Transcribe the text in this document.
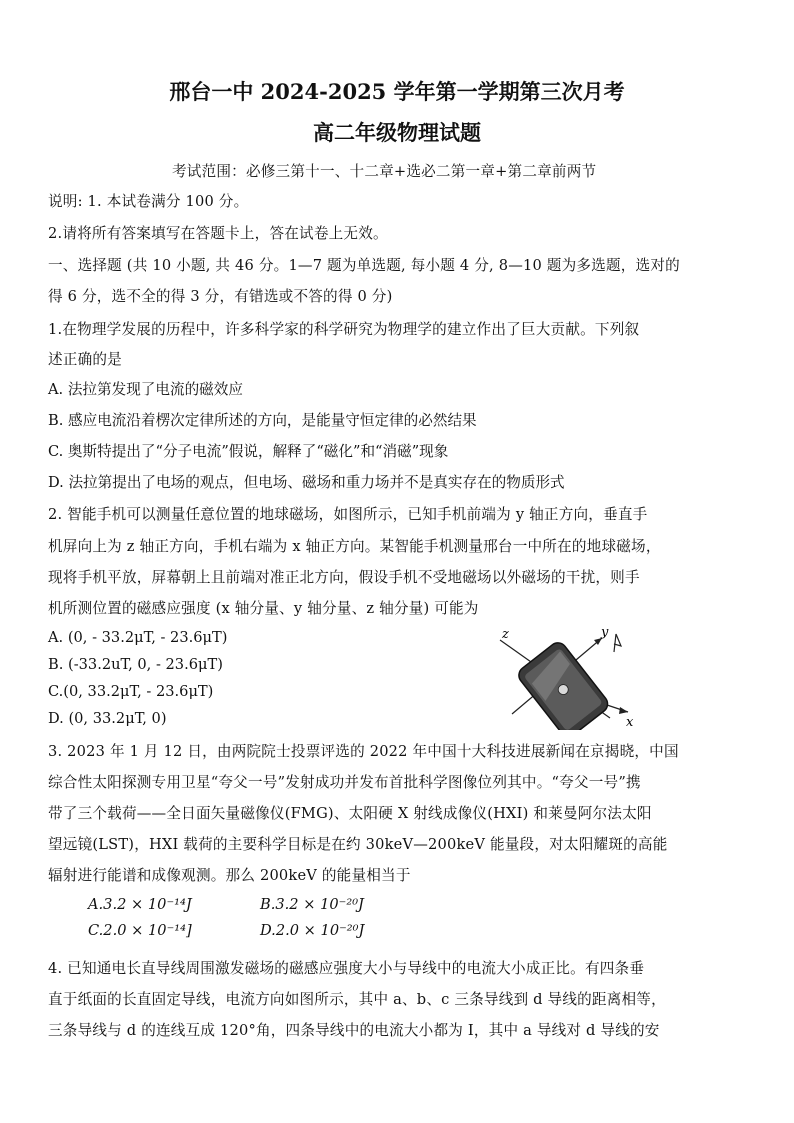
邢台一中 2024-2025 学年第一学期第三次月考
高二年级物理试题
考试范围：必修三第十一、十二章+选必二第一章+第二章前两节
说明: 1. 本试卷满分 100 分。
2.请将所有答案填写在答题卡上，答在试卷上无效。
一、选择题 (共 10 小题, 共 46 分。1—7 题为单选题, 每小题 4 分, 8—10 题为多选题，选对的
得 6 分，选不全的得 3 分，有错选或不答的得 0 分)
1.在物理学发展的历程中，许多科学家的科学研究为物理学的建立作出了巨大贡献。下列叙
述正确的是
A. 法拉第发现了电流的磁效应
B. 感应电流沿着楞次定律所述的方向，是能量守恒定律的必然结果
C. 奥斯特提出了“分子电流”假说，解释了“磁化”和“消磁”现象
D. 法拉第提出了电场的观点，但电场、磁场和重力场并不是真实存在的物质形式
2. 智能手机可以测量任意位置的地球磁场，如图所示，已知手机前端为 y 轴正方向，垂直手
机屏向上为 z 轴正方向，手机右端为 x 轴正方向。某智能手机测量邢台一中所在的地球磁场，
现将手机平放，屏幕朝上且前端对准正北方向，假设手机不受地磁场以外磁场的干扰，则手
机所测位置的磁感应强度 (x 轴分量、y 轴分量、z 轴分量) 可能为
A. (0, - 33.2μT, - 23.6μT)
B. (-33.2uT, 0, - 23.6μT)
C.(0, 33.2μT, - 23.6μT)
D. (0, 33.2μT, 0)
z	y
x
3. 2023 年 1 月 12 日，由两院院士投票评选的 2022 年中国十大科技进展新闻在京揭晓，中国
综合性太阳探测专用卫星“夸父一号”发射成功并发布首批科学图像位列其中。“夸父一号”携
带了三个载荷——全日面矢量磁像仪(FMG)、太阳硬 X 射线成像仪(HXI) 和莱曼阿尔法太阳
望远镜(LST)，HXI 载荷的主要科学目标是在约 30keV—200keV 能量段，对太阳耀斑的高能
辐射进行能谱和成像观测。那么 200keV 的能量相当于
A.3.2 × 10⁻¹⁴J	B.3.2 × 10⁻²⁰J
C.2.0 × 10⁻¹⁴]	D.2.0 × 10⁻²⁰J
4. 已知通电长直导线周围激发磁场的磁感应强度大小与导线中的电流大小成正比。有四条垂
直于纸面的长直固定导线，电流方向如图所示，其中 a、b、c 三条导线到 d 导线的距离相等，
三条导线与 d 的连线互成 120°角，四条导线中的电流大小都为 I，其中 a 导线对 d 导线的安
